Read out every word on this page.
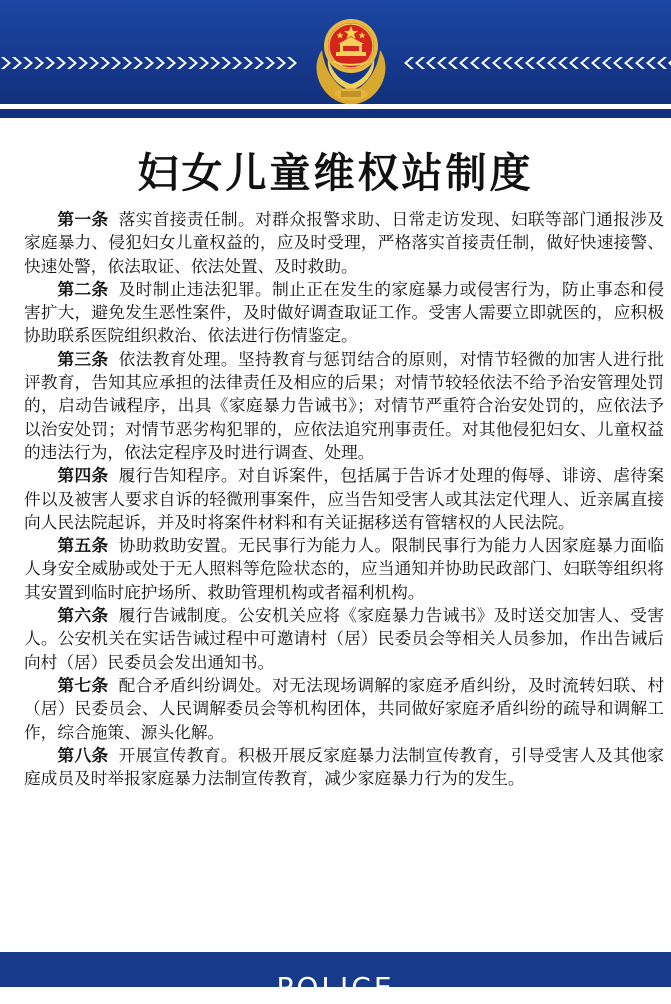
妇女儿童维权站制度

第一条 落实首接责任制。对群众报警求助、日常走访发现、妇联等部门通报涉及家庭暴力、侵犯妇女儿童权益的，应及时受理，严格落实首接责任制，做好快速接警、快速处警，依法取证、依法处置、及时救助。

第二条 及时制止违法犯罪。制止正在发生的家庭暴力或侵害行为，防止事态和侵害扩大，避免发生恶性案件，及时做好调查取证工作。受害人需要立即就医的，应积极协助联系医院组织救治、依法进行伤情鉴定。

第三条 依法教育处理。坚持教育与惩罚结合的原则，对情节轻微的加害人进行批评教育，告知其应承担的法律责任及相应的后果；对情节较轻依法不给予治安管理处罚的，启动告诫程序，出具《家庭暴力告诫书》；对情节严重符合治安处罚的，应依法予以治安处罚；对情节恶劣构犯罪的，应依法追究刑事责任。对其他侵犯妇女、儿童权益的违法行为，依法定程序及时进行调查、处理。

第四条 履行告知程序。对自诉案件，包括属于告诉才处理的侮辱、诽谤、虐待案件以及被害人要求自诉的轻微刑事案件，应当告知受害人或其法定代理人、近亲属直接向人民法院起诉，并及时将案件材料和有关证据移送有管辖权的人民法院。

第五条 协助救助安置。无民事行为能力人。限制民事行为能力人因家庭暴力面临人身安全威胁或处于无人照料等危险状态的，应当通知并协助民政部门、妇联等组织将其安置到临时庇护场所、救助管理机构或者福利机构。

第六条 履行告诫制度。公安机关应将《家庭暴力告诫书》及时送交加害人、受害人。公安机关在实话告诫过程中可邀请村（居）民委员会等相关人员参加，作出告诫后向村（居）民委员会发出通知书。

第七条 配合矛盾纠纷调处。对无法现场调解的家庭矛盾纠纷，及时流转妇联、村（居）民委员会、人民调解委员会等机构团体，共同做好家庭矛盾纠纷的疏导和调解工作，综合施策、源头化解。

第八条 开展宣传教育。积极开展反家庭暴力法制宣传教育，引导受害人及其他家庭成员及时举报家庭暴力法制宣传教育，减少家庭暴力行为的发生。

POLICE
